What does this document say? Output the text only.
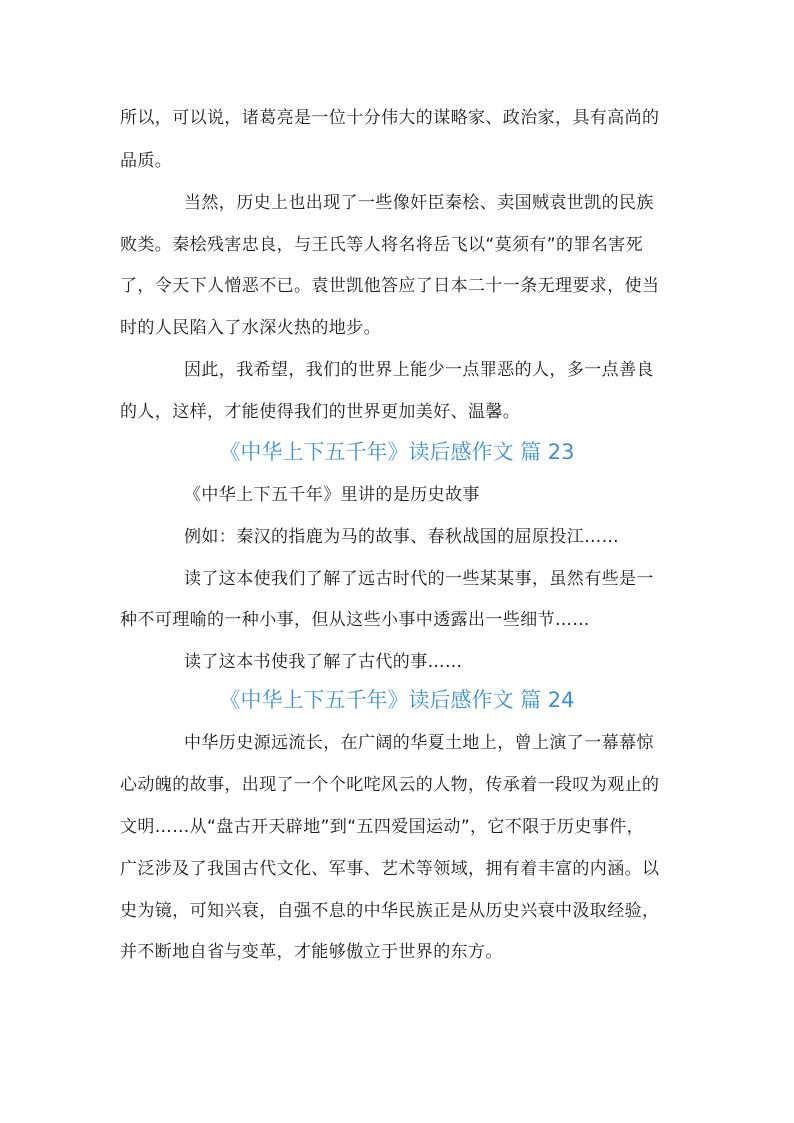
所以，可以说，诸葛亮是一位十分伟大的谋略家、政治家，具有高尚的
品质。
当然，历史上也出现了一些像奸臣秦桧、卖国贼袁世凯的民族
败类。秦桧残害忠良，与王氏等人将名将岳飞以“莫须有”的罪名害死
了，令天下人憎恶不已。袁世凯他答应了日本二十一条无理要求，使当
时的人民陷入了水深火热的地步。
因此，我希望，我们的世界上能少一点罪恶的人，多一点善良
的人，这样，才能使得我们的世界更加美好、温馨。
《中华上下五千年》读后感作文 篇 23
《中华上下五千年》里讲的是历史故事
例如：秦汉的指鹿为马的故事、春秋战国的屈原投江……
读了这本使我们了解了远古时代的一些某某事，虽然有些是一
种不可理喻的一种小事，但从这些小事中透露出一些细节……
读了这本书使我了解了古代的事……
《中华上下五千年》读后感作文 篇 24
中华历史源远流长，在广阔的华夏土地上，曾上演了一幕幕惊
心动魄的故事，出现了一个个叱咤风云的人物，传承着一段叹为观止的
文明……从“盘古开天辟地”到“五四爱国运动”，它不限于历史事件，
广泛涉及了我国古代文化、军事、艺术等领域，拥有着丰富的内涵。以
史为镜，可知兴衰，自强不息的中华民族正是从历史兴衰中汲取经验，
并不断地自省与变革，才能够傲立于世界的东方。
